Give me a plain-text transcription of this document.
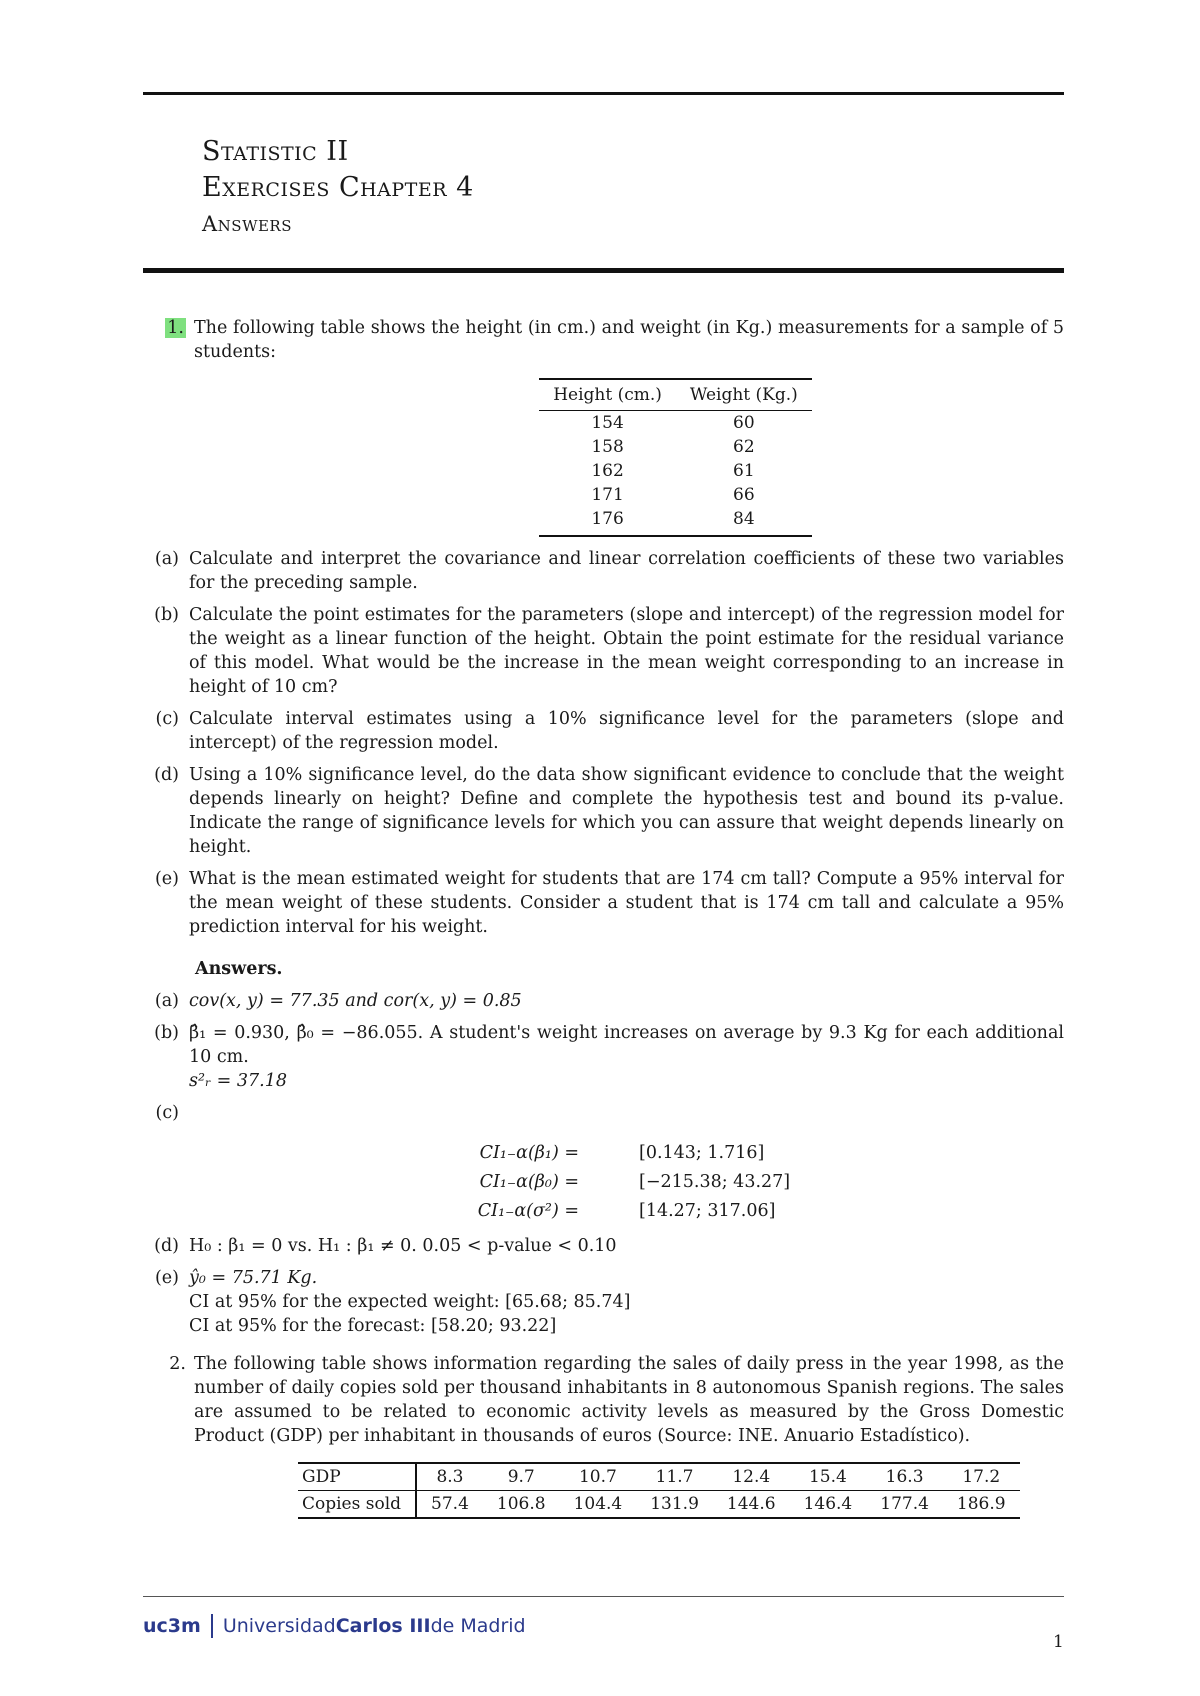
Statistic II
Exercises Chapter 4
Answers
1. The following table shows the height (in cm.) and weight (in Kg.) measurements for a sample of 5 students:
Height (cm.)	Weight (Kg.)
154	60
158	62
162	61
171	66
176	84
(a) Calculate and interpret the covariance and linear correlation coefficients of these two variables for the preceding sample.
(b) Calculate the point estimates for the parameters (slope and intercept) of the regression model for the weight as a linear function of the height. Obtain the point estimate for the residual variance of this model. What would be the increase in the mean weight corresponding to an increase in height of 10 cm?
(c) Calculate interval estimates using a 10% significance level for the parameters (slope and intercept) of the regression model.
(d) Using a 10% significance level, do the data show significant evidence to conclude that the weight depends linearly on height? Define and complete the hypothesis test and bound its p-value. Indicate the range of significance levels for which you can assure that weight depends linearly on height.
(e) What is the mean estimated weight for students that are 174 cm tall? Compute a 95% interval for the mean weight of these students. Consider a student that is 174 cm tall and calculate a 95% prediction interval for his weight.
Answers.
(a) cov(x, y) = 77.35 and cor(x, y) = 0.85
(b) β̂₁ = 0.930, β̂₀ = −86.055. A student's weight increases on average by 9.3 Kg for each additional 10 cm.
s²ᵣ = 37.18
(c)
CI₁₋α(β₁) =	[0.143; 1.716]
CI₁₋α(β₀) =	[−215.38; 43.27]
CI₁₋α(σ²) =	[14.27; 317.06]
(d) H₀ : β₁ = 0 vs. H₁ : β₁ ≠ 0. 0.05 < p-value < 0.10
(e) ŷ₀ = 75.71 Kg.
CI at 95% for the expected weight: [65.68; 85.74]
CI at 95% for the forecast: [58.20; 93.22]
2. The following table shows information regarding the sales of daily press in the year 1998, as the number of daily copies sold per thousand inhabitants in 8 autonomous Spanish regions. The sales are assumed to be related to economic activity levels as measured by the Gross Domestic Product (GDP) per inhabitant in thousands of euros (Source: INE. Anuario Estadístico).
GDP	8.3	9.7	10.7	11.7	12.4	15.4	16.3	17.2
Copies sold	57.4	106.8	104.4	131.9	144.6	146.4	177.4	186.9
uc3m Universidad Carlos III de Madrid
1
